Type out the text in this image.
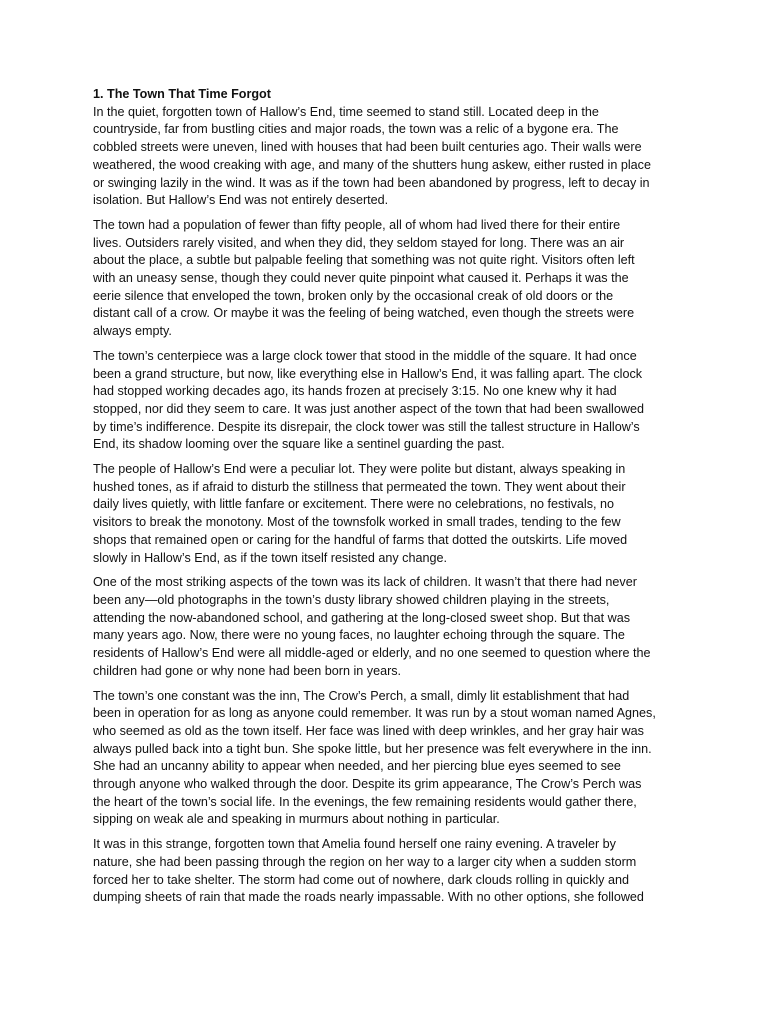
1. The Town That Time Forgot
In the quiet, forgotten town of Hallow’s End, time seemed to stand still. Located deep in the
countryside, far from bustling cities and major roads, the town was a relic of a bygone era. The
cobbled streets were uneven, lined with houses that had been built centuries ago. Their walls were
weathered, the wood creaking with age, and many of the shutters hung askew, either rusted in place
or swinging lazily in the wind. It was as if the town had been abandoned by progress, left to decay in
isolation. But Hallow’s End was not entirely deserted.
The town had a population of fewer than fifty people, all of whom had lived there for their entire
lives. Outsiders rarely visited, and when they did, they seldom stayed for long. There was an air
about the place, a subtle but palpable feeling that something was not quite right. Visitors often left
with an uneasy sense, though they could never quite pinpoint what caused it. Perhaps it was the
eerie silence that enveloped the town, broken only by the occasional creak of old doors or the
distant call of a crow. Or maybe it was the feeling of being watched, even though the streets were
always empty.
The town’s centerpiece was a large clock tower that stood in the middle of the square. It had once
been a grand structure, but now, like everything else in Hallow’s End, it was falling apart. The clock
had stopped working decades ago, its hands frozen at precisely 3:15. No one knew why it had
stopped, nor did they seem to care. It was just another aspect of the town that had been swallowed
by time’s indifference. Despite its disrepair, the clock tower was still the tallest structure in Hallow’s
End, its shadow looming over the square like a sentinel guarding the past.
The people of Hallow’s End were a peculiar lot. They were polite but distant, always speaking in
hushed tones, as if afraid to disturb the stillness that permeated the town. They went about their
daily lives quietly, with little fanfare or excitement. There were no celebrations, no festivals, no
visitors to break the monotony. Most of the townsfolk worked in small trades, tending to the few
shops that remained open or caring for the handful of farms that dotted the outskirts. Life moved
slowly in Hallow’s End, as if the town itself resisted any change.
One of the most striking aspects of the town was its lack of children. It wasn’t that there had never
been any—old photographs in the town’s dusty library showed children playing in the streets,
attending the now-abandoned school, and gathering at the long-closed sweet shop. But that was
many years ago. Now, there were no young faces, no laughter echoing through the square. The
residents of Hallow’s End were all middle-aged or elderly, and no one seemed to question where the
children had gone or why none had been born in years.
The town’s one constant was the inn, The Crow’s Perch, a small, dimly lit establishment that had
been in operation for as long as anyone could remember. It was run by a stout woman named Agnes,
who seemed as old as the town itself. Her face was lined with deep wrinkles, and her gray hair was
always pulled back into a tight bun. She spoke little, but her presence was felt everywhere in the inn.
She had an uncanny ability to appear when needed, and her piercing blue eyes seemed to see
through anyone who walked through the door. Despite its grim appearance, The Crow’s Perch was
the heart of the town’s social life. In the evenings, the few remaining residents would gather there,
sipping on weak ale and speaking in murmurs about nothing in particular.
It was in this strange, forgotten town that Amelia found herself one rainy evening. A traveler by
nature, she had been passing through the region on her way to a larger city when a sudden storm
forced her to take shelter. The storm had come out of nowhere, dark clouds rolling in quickly and
dumping sheets of rain that made the roads nearly impassable. With no other options, she followed
